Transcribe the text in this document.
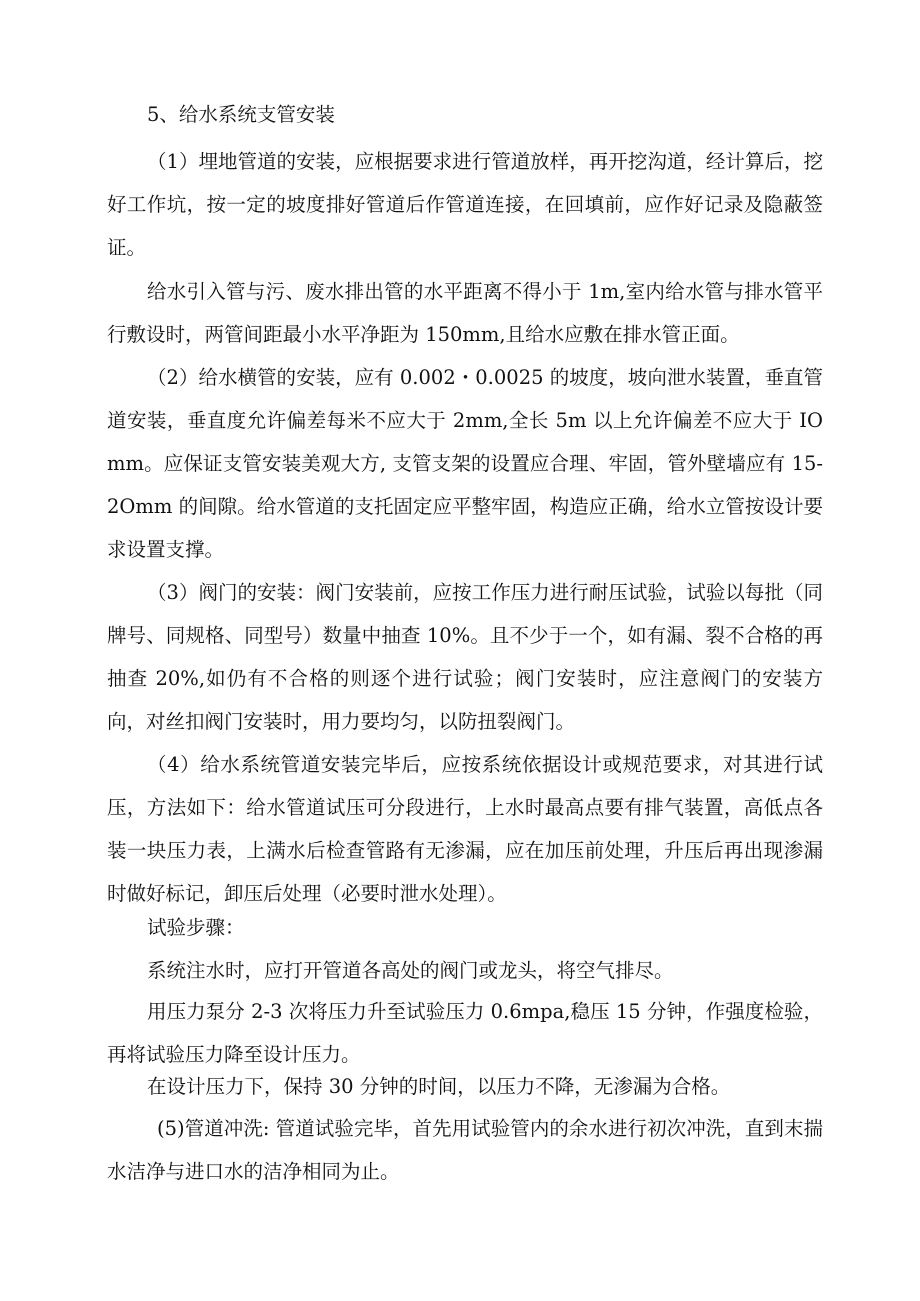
5、给水系统支管安装
（1）埋地管道的安装，应根据要求进行管道放样，再开挖沟道，经计算后，挖好工作坑，按一定的坡度排好管道后作管道连接，在回填前，应作好记录及隐蔽签证。
给水引入管与污、废水排出管的水平距离不得小于 1m,室内给水管与排水管平行敷设时，两管间距最小水平净距为 150mm,且给水应敷在排水管正面。
（2）给水横管的安装，应有 0.002・0.0025 的坡度，坡向泄水装置，垂直管道安装，垂直度允许偏差每米不应大于 2mm,全长 5m 以上允许偏差不应大于 IOmm。应保证支管安装美观大方, 支管支架的设置应合理、牢固，管外壁墙应有 15-2Omm 的间隙。给水管道的支托固定应平整牢固，构造应正确，给水立管按设计要求设置支撑。
（3）阀门的安装：阀门安装前，应按工作压力进行耐压试验，试验以每批（同牌号、同规格、同型号）数量中抽查 10%。且不少于一个，如有漏、裂不合格的再抽查 20%,如仍有不合格的则逐个进行试验；阀门安装时，应注意阀门的安装方向，对丝扣阀门安装时，用力要均匀，以防扭裂阀门。
（4）给水系统管道安装完毕后，应按系统依据设计或规范要求，对其进行试压，方法如下：给水管道试压可分段进行，上水时最高点要有排气装置，高低点各装一块压力表，上满水后检查管路有无渗漏，应在加压前处理，升压后再出现渗漏时做好标记，卸压后处理（必要时泄水处理）。
试验步骤：
系统注水时，应打开管道各高处的阀门或龙头，将空气排尽。
用压力泵分 2-3 次将压力升至试验压力 0.6mpa,稳压 15 分钟，作强度检验，再将试验压力降至设计压力。
在设计压力下，保持 30 分钟的时间，以压力不降，无渗漏为合格。
(5)管道冲洗: 管道试验完毕，首先用试验管内的余水进行初次冲洗，直到末揣水洁净与进口水的洁净相同为止。
